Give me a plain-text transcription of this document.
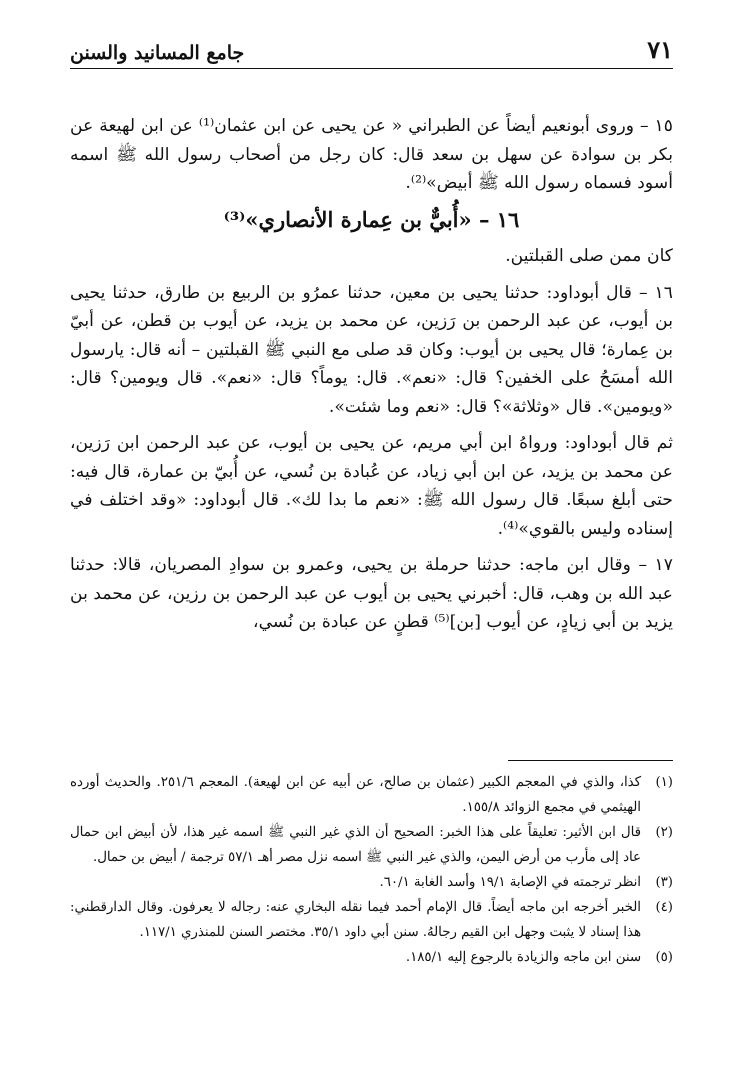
٧١
جامع المسانيد والسنن

١٥ – وروى أبونعيم أيضاً عن الطبراني « عن يحيى عن ابن عثمان⁽¹⁾ عن ابن لهيعة عن بكر بن سوادة عن سهل بن سعد قال: كان رجل من أصحاب رسول الله ﷺ اسمه أسود فسماه رسول الله ﷺ أبيض»⁽²⁾.

١٦ – «أُبيٌّ بن عِمارة الأنصاري»⁽³⁾

كان ممن صلى القبلتين.

١٦ – قال أبوداود: حدثنا يحيى بن معين، حدثنا عمرُو بن الربيع بن طارق، حدثنا يحيى بن أيوب، عن عبد الرحمن بن رَزين، عن محمد بن يزيد، عن أيوب بن قطن، عن أبيّ بن عِمارة؛ قال يحيى بن أيوب: وكان قد صلى مع النبي ﷺ القبلتين – أنه قال: يارسول الله أمسَحُ على الخفين؟ قال: «نعم». قال: يوماً؟ قال: «نعم». قال ويومين؟ قال: «ويومين». قال «وثلاثة»؟ قال: «نعم وما شئت».

ثم قال أبوداود: ورواهُ ابن أبي مريم، عن يحيى بن أيوب، عن عبد الرحمن ابن رَزين، عن محمد بن يزيد، عن ابن أبي زياد، عن عُبادة بن نُسي، عن أُبيّ بن عمارة، قال فيه: حتى أبلغ سبعًا. قال رسول الله ﷺ: «نعم ما بدا لك». قال أبوداود: «وقد اختلف في إسناده وليس بالقوي»⁽⁴⁾.

١٧ – وقال ابن ماجه: حدثنا حرملة بن يحيى، وعمرو بن سوادِ المصريان، قالا: حدثنا عبد الله بن وهب، قال: أخبرني يحيى بن أيوب عن عبد الرحمن بن رزين، عن محمد بن يزيد بن أبي زيادٍ، عن أيوب [بن]⁽⁵⁾ قطنٍ عن عبادة بن نُسي،

(١)
كذا، والذي في المعجم الكبير (عثمان بن صالح، عن أبيه عن ابن لهيعة). المعجم ٢٥١/٦. والحديث أورده الهيثمي في مجمع الزوائد ١٥٥/٨.
(٢)
قال ابن الأثير: تعليقاً على هذا الخبر: الصحيح أن الذي غير النبي ﷺ اسمه غير هذا، لأن أبيض ابن حمال عاد إلى مأرب من أرض اليمن، والذي غير النبي ﷺ اسمه نزل مصر أهـ ٥٧/١ ترجمة / أبيض بن حمال.
(٣)
انظر ترجمته في الإصابة ١٩/١ وأسد الغابة ٦٠/١.
(٤)
الخبر أخرجه ابن ماجه أيضاً. قال الإمام أحمد فيما نقله البخاري عنه: رجاله لا يعرفون. وقال الدارقطني: هذا إسناد لا يثبت وجهل ابن القيم رجالهُ. سنن أبي داود ٣٥/١. مختصر السنن للمنذري ١١٧/١.
(٥)
سنن ابن ماجه والزيادة بالرجوع إليه ١٨٥/١.
